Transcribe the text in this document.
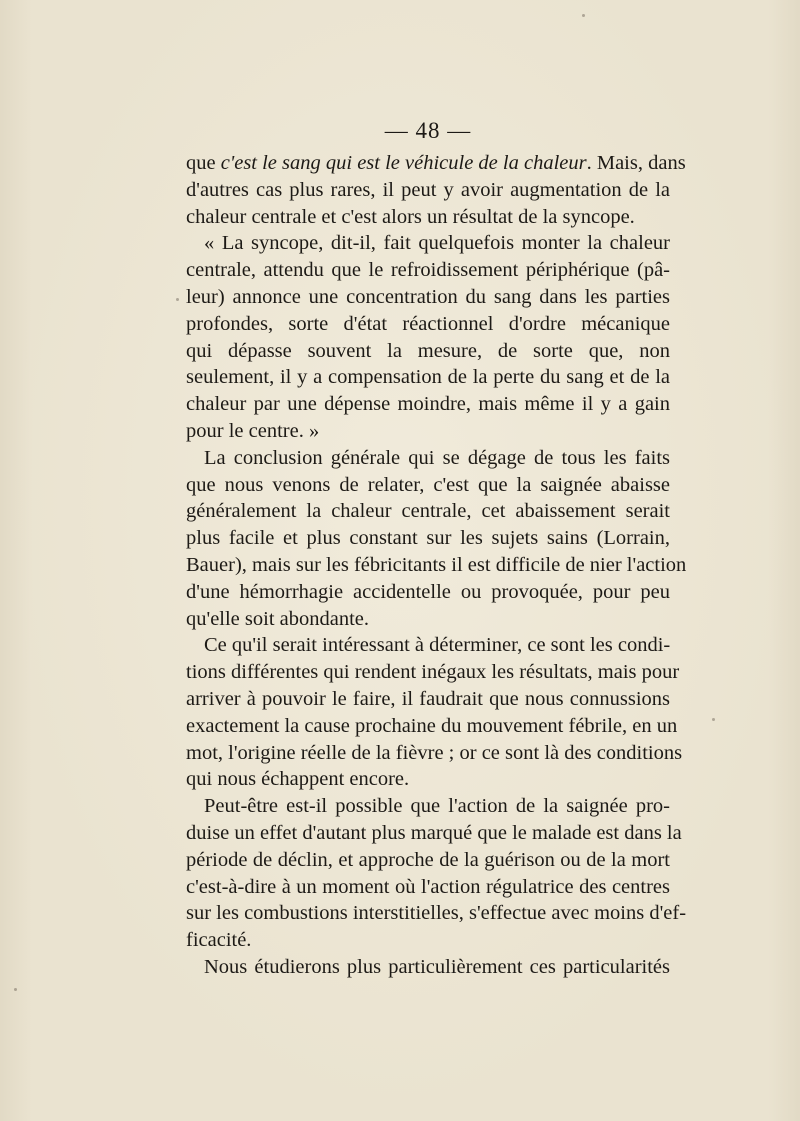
— 48 —
que c'est le sang qui est le véhicule de la chaleur. Mais, dans
d'autres cas plus rares, il peut y avoir augmentation de la
chaleur centrale et c'est alors un résultat de la syncope.
« La syncope, dit-il, fait quelquefois monter la chaleur
centrale, attendu que le refroidissement périphérique (pâ-
leur) annonce une concentration du sang dans les parties
profondes, sorte d'état réactionnel d'ordre mécanique
qui dépasse souvent la mesure, de sorte que, non
seulement, il y a compensation de la perte du sang et de la
chaleur par une dépense moindre, mais même il y a gain
pour le centre. »
La conclusion générale qui se dégage de tous les faits
que nous venons de relater, c'est que la saignée abaisse
généralement la chaleur centrale, cet abaissement serait
plus facile et plus constant sur les sujets sains (Lorrain,
Bauer), mais sur les fébricitants il est difficile de nier l'action
d'une hémorrhagie accidentelle ou provoquée, pour peu
qu'elle soit abondante.
Ce qu'il serait intéressant à déterminer, ce sont les condi-
tions différentes qui rendent inégaux les résultats, mais pour
arriver à pouvoir le faire, il faudrait que nous connussions
exactement la cause prochaine du mouvement fébrile, en un
mot, l'origine réelle de la fièvre ; or ce sont là des conditions
qui nous échappent encore.
Peut-être est-il possible que l'action de la saignée pro-
duise un effet d'autant plus marqué que le malade est dans la
période de déclin, et approche de la guérison ou de la mort
c'est-à-dire à un moment où l'action régulatrice des centres
sur les combustions interstitielles, s'effectue avec moins d'ef-
ficacité.
Nous étudierons plus particulièrement ces particularités
